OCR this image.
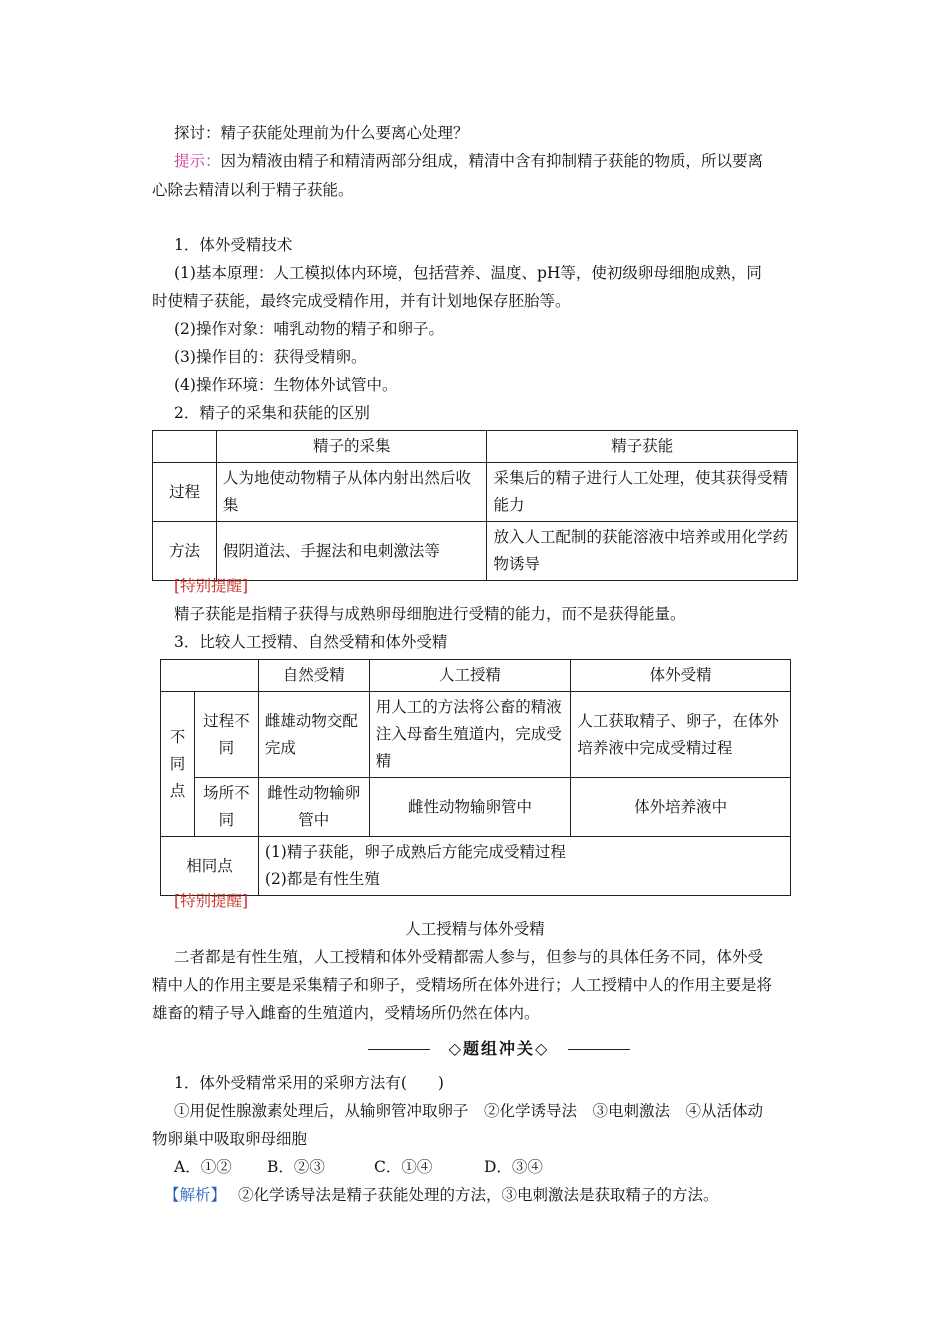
探讨：精子获能处理前为什么要离心处理？
提示：因为精液由精子和精清两部分组成，精清中含有抑制精子获能的物质，所以要离
心除去精清以利于精子获能。
1．体外受精技术
(1)基本原理：人工模拟体内环境，包括营养、温度、pH等，使初级卵母细胞成熟，同
时使精子获能，最终完成受精作用，并有计划地保存胚胎等。
(2)操作对象：哺乳动物的精子和卵子。
(3)操作目的：获得受精卵。
(4)操作环境：生物体外试管中。
2．精子的采集和获能的区别
	精子的采集	精子获能
过程	人为地使动物精子从体内射出然后收集	采集后的精子进行人工处理，使其获得受精能力
方法	假阴道法、手握法和电刺激法等	放入人工配制的获能溶液中培养或用化学药物诱导
[特别提醒]
精子获能是指精子获得与成熟卵母细胞进行受精的能力，而不是获得能量。
3．比较人工授精、自然受精和体外受精
		自然受精	人工授精	体外受精
不同点	过程不同	雌雄动物交配完成	用人工的方法将公畜的精液注入母畜生殖道内，完成受精	人工获取精子、卵子，在体外培养液中完成受精过程
	场所不同	雌性动物输卵管中	雌性动物输卵管中	体外培养液中
相同点		(1)精子获能，卵子成熟后方能完成受精过程
(2)都是有性生殖		
[特别提醒]
人工授精与体外受精
二者都是有性生殖，人工授精和体外受精都需人参与，但参与的具体任务不同，体外受
精中人的作用主要是采集精子和卵子，受精场所在体外进行；人工授精中人的作用主要是将
雄畜的精子导入雌畜的生殖道内，受精场所仍然在体内。
◇题组冲关◇
1．体外受精常采用的采卵方法有(　　)
①用促性腺激素处理后，从输卵管冲取卵子　②化学诱导法　③电刺激法　④从活体动
物卵巢中吸取卵母细胞
A．①② B．②③	C．①④	D．③④
【解析】 ②化学诱导法是精子获能处理的方法，③电刺激法是获取精子的方法。
